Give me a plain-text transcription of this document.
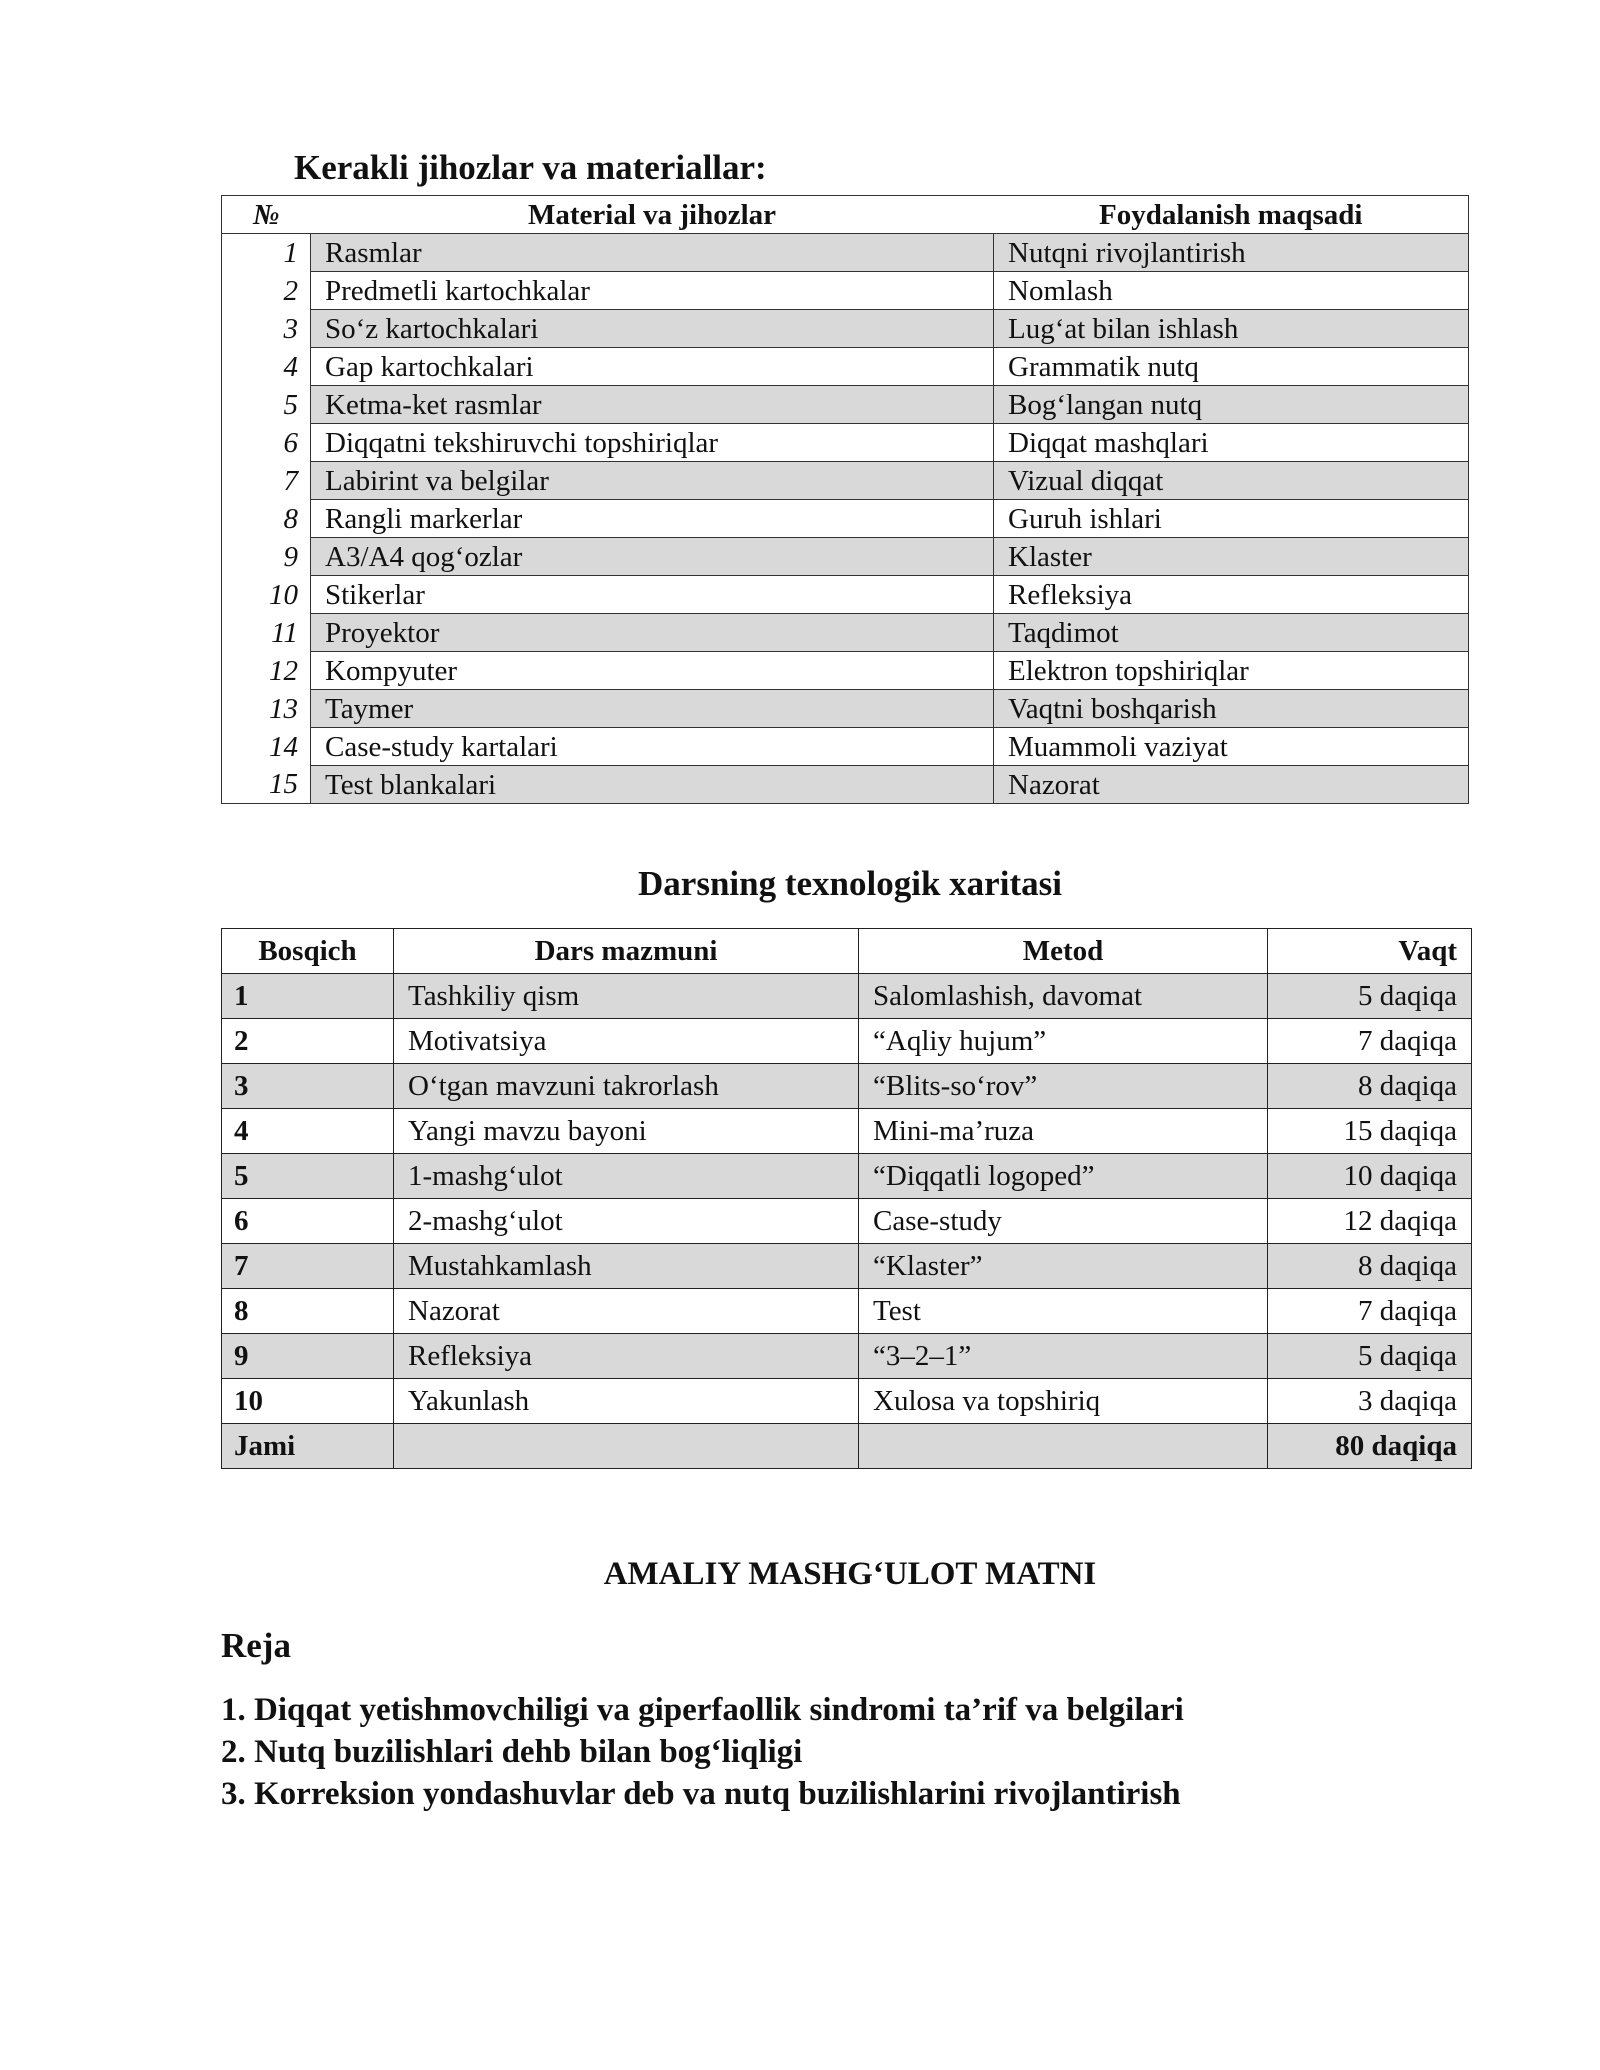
Kerakli jihozlar va materiallar:
№	Material va jihozlar	Foydalanish maqsadi
1	Rasmlar	Nutqni rivojlantirish
2	Predmetli kartochkalar	Nomlash
3	So‘z kartochkalari	Lug‘at bilan ishlash
4	Gap kartochkalari	Grammatik nutq
5	Ketma-ket rasmlar	Bog‘langan nutq
6	Diqqatni tekshiruvchi topshiriqlar	Diqqat mashqlari
7	Labirint va belgilar	Vizual diqqat
8	Rangli markerlar	Guruh ishlari
9	A3/A4 qog‘ozlar	Klaster
10	Stikerlar	Refleksiya
11	Proyektor	Taqdimot
12	Kompyuter	Elektron topshiriqlar
13	Taymer	Vaqtni boshqarish
14	Case-study kartalari	Muammoli vaziyat
15	Test blankalari	Nazorat
Darsning texnologik xaritasi
Bosqich	Dars mazmuni	Metod	Vaqt
1	Tashkiliy qism	Salomlashish, davomat	5 daqiqa
2	Motivatsiya	“Aqliy hujum”	7 daqiqa
3	O‘tgan mavzuni takrorlash	“Blits-so‘rov”	8 daqiqa
4	Yangi mavzu bayoni	Mini-ma’ruza	15 daqiqa
5	1-mashg‘ulot	“Diqqatli logoped”	10 daqiqa
6	2-mashg‘ulot	Case-study	12 daqiqa
7	Mustahkamlash	“Klaster”	8 daqiqa
8	Nazorat	Test	7 daqiqa
9	Refleksiya	“3–2–1”	5 daqiqa
10	Yakunlash	Xulosa va topshiriq	3 daqiqa
Jami			80 daqiqa
AMALIY MASHG‘ULOT MATNI
Reja
1. Diqqat yetishmovchiligi va giperfaollik sindromi ta’rif va belgilari
2. Nutq buzilishlari dehb bilan bog‘liqligi
3. Korreksion yondashuvlar deb va nutq buzilishlarini rivojlantirish
